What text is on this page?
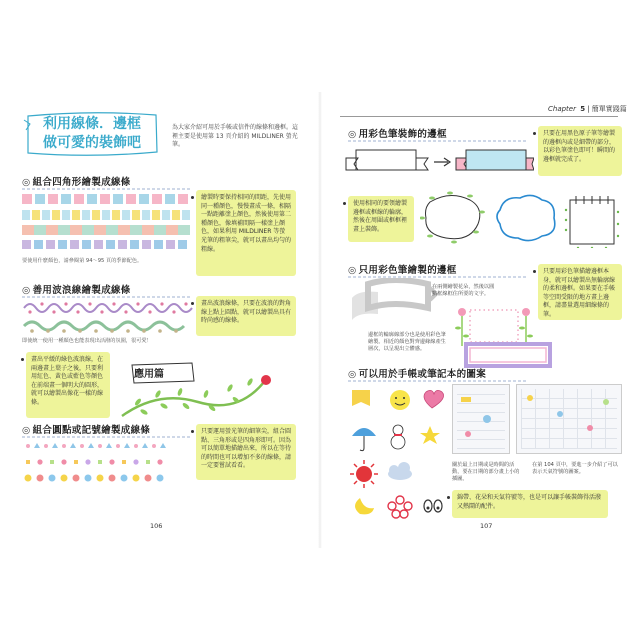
利用線條．邊框
做可愛的裝飾吧
為大家介紹可用於手帳或信件的線條和邊框。這裡主要是使用第 13 頁介紹的 MILDLINER 螢光筆。
◎ 組合四角形繪製成線條
繪製時要保持相同的間距，先使用同一種顏色，慢慢畫成一條，相隔一點距離塗上顏色，然後使用第二種顏色，像填補間隔一樣塗上顏色，如果利用 MILDLINER 等螢光筆的粗筆尖，就可以畫出均勻的粗線。
要使用什麼顏色，請參閱第 94～95 頁的季節配色。
◎ 善用波浪線繪製成線條
畫出波浪線條，只要在波浪的對角線上點上圓點，就可以繪製出具有時尚感的線條。
即使統一使用一種顏色也能表現出活潑的氛圍，很可愛！
畫出平緩的綠色波浪線，在兩邊畫上葉子之後，只要利用紅色、黃色或藍色等顏色在前端畫一個明大的圓形，就可以繪製出像花一樣的線條。
應用篇
◎ 組合圓點或記號繪製成線條	只要運用螢光筆的細筆尖，組合圓點、三角形或是四角形即可。因為可以簡單地描繪出來，所以在等待的時間也可以增加不多的線條，請一定要嘗試看看。
106
Chapter 5 | 簡單實踐篇
◎ 用彩色筆裝飾的邊框	只要在用黑色原子筆等繪製的邊框內或是細帶的部分，以彩色筆塗色即可！瞬間的邊框就完成了。
使用相同的要領繪製邊框或框線的輪廓，然後在周圍或框框裡畫上裝飾。
◎ 只用彩色筆繪製的邊框
在兩側繪製花朵，然後以圓點框線框住所要的文字。
只要用彩色筆描繪邊框本身，就可以繪製出無輪廓線的柔和邊框。如果要在手帳等空間受限的地方畫上邊框，請盡量選用細線條的筆。
邊框的輪廓線部分也是使用彩色筆繪製。相近的顏色對齊邊緣線產生層次，以呈現出立體感。
◎ 可以用於手帳或筆記本的圖案
關於最上日期或是時間的活動，要在日期的部分畫上小的插圖。
在第 104 頁中，要進一步介紹了可以表示天氣符號的圖案。
錦帶、花朵和天氣符號等，也是可以讓手帳裝飾得活潑又熱鬧的配件。
107
